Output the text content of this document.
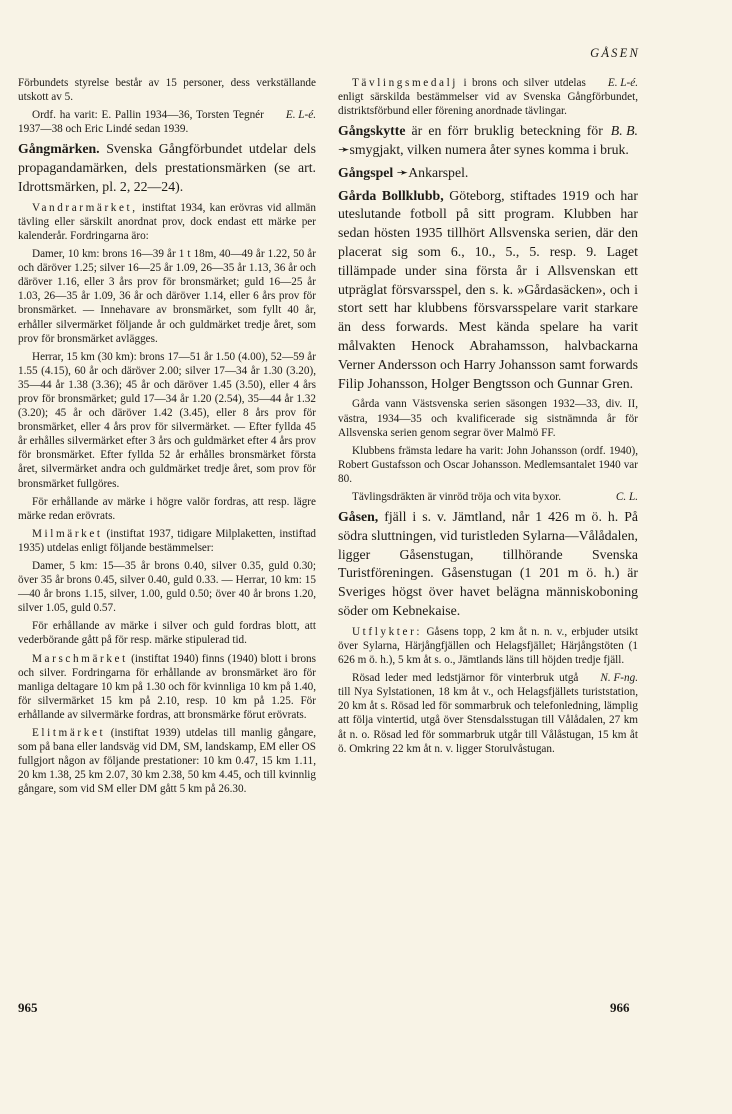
GÅSEN

Förbundets styrelse består av 15 personer, dess verkställande utskott av 5.

E. L-é.
Ordf. ha varit: E. Pallin 1934—36, Torsten Tegnér 1937—38 och Eric Lindé sedan 1939.

Gångmärken. Svenska Gångförbundet utdelar dels propagandamärken, dels prestationsmärken (se art. Idrottsmärken, pl. 2, 22—24).

Vandrarmärket, instiftat 1934, kan erövras vid allmän tävling eller särskilt anordnat prov, dock endast ett märke per kalenderår. Fordringarna äro:

Damer, 10 km: brons 16—39 år 1 t 18m, 40—49 år 1.22, 50 år och däröver 1.25; silver 16—25 år 1.09, 26—35 år 1.13, 36 år och däröver 1.16, eller 3 års prov för bronsmärket; guld 16—25 år 1.03, 26—35 år 1.09, 36 år och däröver 1.14, eller 6 års prov för bronsmärket. — Innehavare av bronsmärket, som fyllt 40 år, erhåller silvermärket följande år och guldmärket tredje året, som prov för bronsmärket avlägges.

Herrar, 15 km (30 km): brons 17—51 år 1.50 (4.00), 52—59 år 1.55 (4.15), 60 år och däröver 2.00; silver 17—34 år 1.30 (3.20), 35—44 år 1.38 (3.36); 45 år och däröver 1.45 (3.50), eller 4 års prov för bronsmärket; guld 17—34 år 1.20 (2.54), 35—44 år 1.32 (3.20); 45 år och däröver 1.42 (3.45), eller 8 års prov för bronsmärket, eller 4 års prov för silvermärket. — Efter fyllda 45 år erhålles silvermärket efter 3 års och guldmärket efter 4 års prov för bronsmärket. Efter fyllda 52 år erhålles bronsmärket första året, silvermärket andra och guldmärket tredje året, som prov för bronsmärket fullgöres.

För erhållande av märke i högre valör fordras, att resp. lägre märke redan erövrats.

Milmärket (instiftat 1937, tidigare Milplaketten, instiftad 1935) utdelas enligt följande bestämmelser:

Damer, 5 km: 15—35 år brons 0.40, silver 0.35, guld 0.30; över 35 år brons 0.45, silver 0.40, guld 0.33. — Herrar, 10 km: 15—40 år brons 1.15, silver, 1.00, guld 0.50; över 40 år brons 1.20, silver 1.05, guld 0.57.

För erhållande av märke i silver och guld fordras blott, att vederbörande gått på för resp. märke stipulerad tid.

Marschmärket (instiftat 1940) finns (1940) blott i brons och silver. Fordringarna för erhållande av bronsmärket äro för manliga deltagare 10 km på 1.30 och för kvinnliga 10 km på 1.40, för silvermärket 15 km på 2.10, resp. 10 km på 1.25. För erhållande av silvermärke fordras, att bronsmärke förut erövrats.

Elitmärket (instiftat 1939) utdelas till manlig gångare, som på bana eller landsväg vid DM, SM, landskamp, EM eller OS fullgjort någon av följande prestationer: 10 km 0.47, 15 km 1.11, 20 km 1.38, 25 km 2.07, 30 km 2.38, 50 km 4.45, och till kvinnlig gångare, som vid SM eller DM gått 5 km på 26.30.

E. L-é.
Tävlingsmedalj i brons och silver utdelas enligt särskilda bestämmelser vid av Svenska Gångförbundet, distriktsförbund eller förening anordnade tävlingar.

B. B.
Gångskytte är en förr bruklig beteckning för ➛smygjakt, vilken numera åter synes komma i bruk.

Gångspel ➛Ankarspel.

Gårda Bollklubb, Göteborg, stiftades 1919 och har uteslutande fotboll på sitt program. Klubben har sedan hösten 1935 tillhört Allsvenska serien, där den placerat sig som 6., 10., 5., 5. resp. 9. Laget tillämpade under sina första år i Allsvenskan ett utpräglat försvarsspel, den s. k. »Gårdasäcken», och i stort sett har klubbens försvarsspelare varit starkare än dess forwards. Mest kända spelare ha varit målvakten Henock Abrahamsson, halvbackarna Verner Andersson och Harry Johansson samt forwards Filip Johansson, Holger Bengtsson och Gunnar Gren.

Gårda vann Västsvenska serien säsongen 1932—33, div. II, västra, 1934—35 och kvalificerade sig sistnämnda år för Allsvenska serien genom segrar över Malmö FF.

Klubbens främsta ledare ha varit: John Johansson (ordf. 1940), Robert Gustafsson och Oscar Johansson. Medlemsantalet 1940 var 80.

C. L.
Tävlingsdräkten är vinröd tröja och vita byxor.

Gåsen, fjäll i s. v. Jämtland, når 1 426 m ö. h. På södra sluttningen, vid turistleden Sylarna—Vålådalen, ligger Gåsenstugan, tillhörande Svenska Turistföreningen. Gåsenstugan (1 201 m ö. h.) är Sveriges högst över havet belägna människoboning söder om Kebnekaise.

Utflykter: Gåsens topp, 2 km åt n. n. v., erbjuder utsikt över Sylarna, Härjångfjällen och Helagsfjället; Härjångstöten (1 626 m ö. h.), 5 km åt s. o., Jämtlands läns till höjden tredje fjäll.

N. F-ng.
Rösad leder med ledstjärnor för vinterbruk utgå till Nya Sylstationen, 18 km åt v., och Helagsfjällets turiststation, 20 km åt s. Rösad led för sommarbruk och telefonledning, lämplig att följa vintertid, utgå över Stensdalsstugan till Vålådalen, 27 km åt n. o. Rösad led för sommarbruk utgår till Vålåstugan, 15 km åt ö. Omkring 22 km åt n. v. ligger Storulvåstugan.

965	966
